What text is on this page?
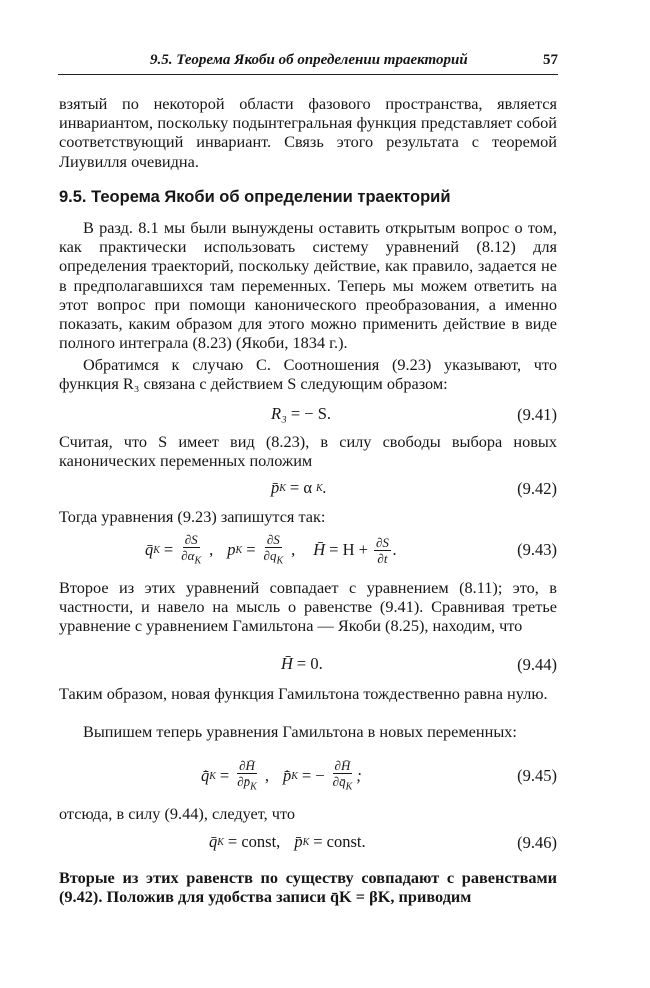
9.5. Теорема Якоби об определении траекторий	57
взятый по некоторой области фазового пространства, является инвариантом, поскольку подынтегральная функция представляет собой соответствующий инвариант. Связь этого результата с теоремой Лиувилля очевидна.
9.5. Теорема Якоби об определении траекторий
В разд. 8.1 мы были вынуждены оставить открытым вопрос о том, как практически использовать систему уравнений (8.12) для определения траекторий, поскольку действие, как правило, задается не в предполагавшихся там переменных. Теперь мы можем ответить на этот вопрос при помощи канонического преобразования, а именно показать, каким образом для этого можно применить действие в виде полного интеграла (8.23) (Якоби, 1834 г.).
Обратимся к случаю С. Соотношения (9.23) указывают, что функция R₃ связана с действием S следующим образом:
R₃ = − S.	(9.41)
Считая, что S имеет вид (8.23), в силу свободы выбора новых канонических переменных положим
p̄ K = α K .	(9.42)
Тогда уравнения (9.23) запишутся так:
q̄ $K = \frac{\partial S}{\partial\alpha_K}$ , p $K = \frac{\partial S}{\partial q_K}$ , H̄ = $H + \frac{\partial S}{\partial t}$ .	(9.43)
Второе из этих уравнений совпадает с уравнением (8.11); это, в частности, и навело на мысль о равенстве (9.41). Сравнивая третье уравнение с уравнением Гамильтона — Якоби (8.25), находим, что
H̄ = 0.	(9.44)
Таким образом, новая функция Гамильтона тождественно равна нулю.
Выпишем теперь уравнения Гамильтона в новых переменных:
q̄̇ $K = \frac{\partial H̄}{\partial p̄_K}$ , p̄̇ K = − $\frac{\partial H̄}{\partial q̄_K}$ ;	(9.45)
отсюда, в силу (9.44), следует, что
q̄ K = const, p̄ K = const.	(9.46)
Вторые из этих равенств по существу совпадают с равенствами (9.42). Положив для удобства записи q̄K = βK, приводим
